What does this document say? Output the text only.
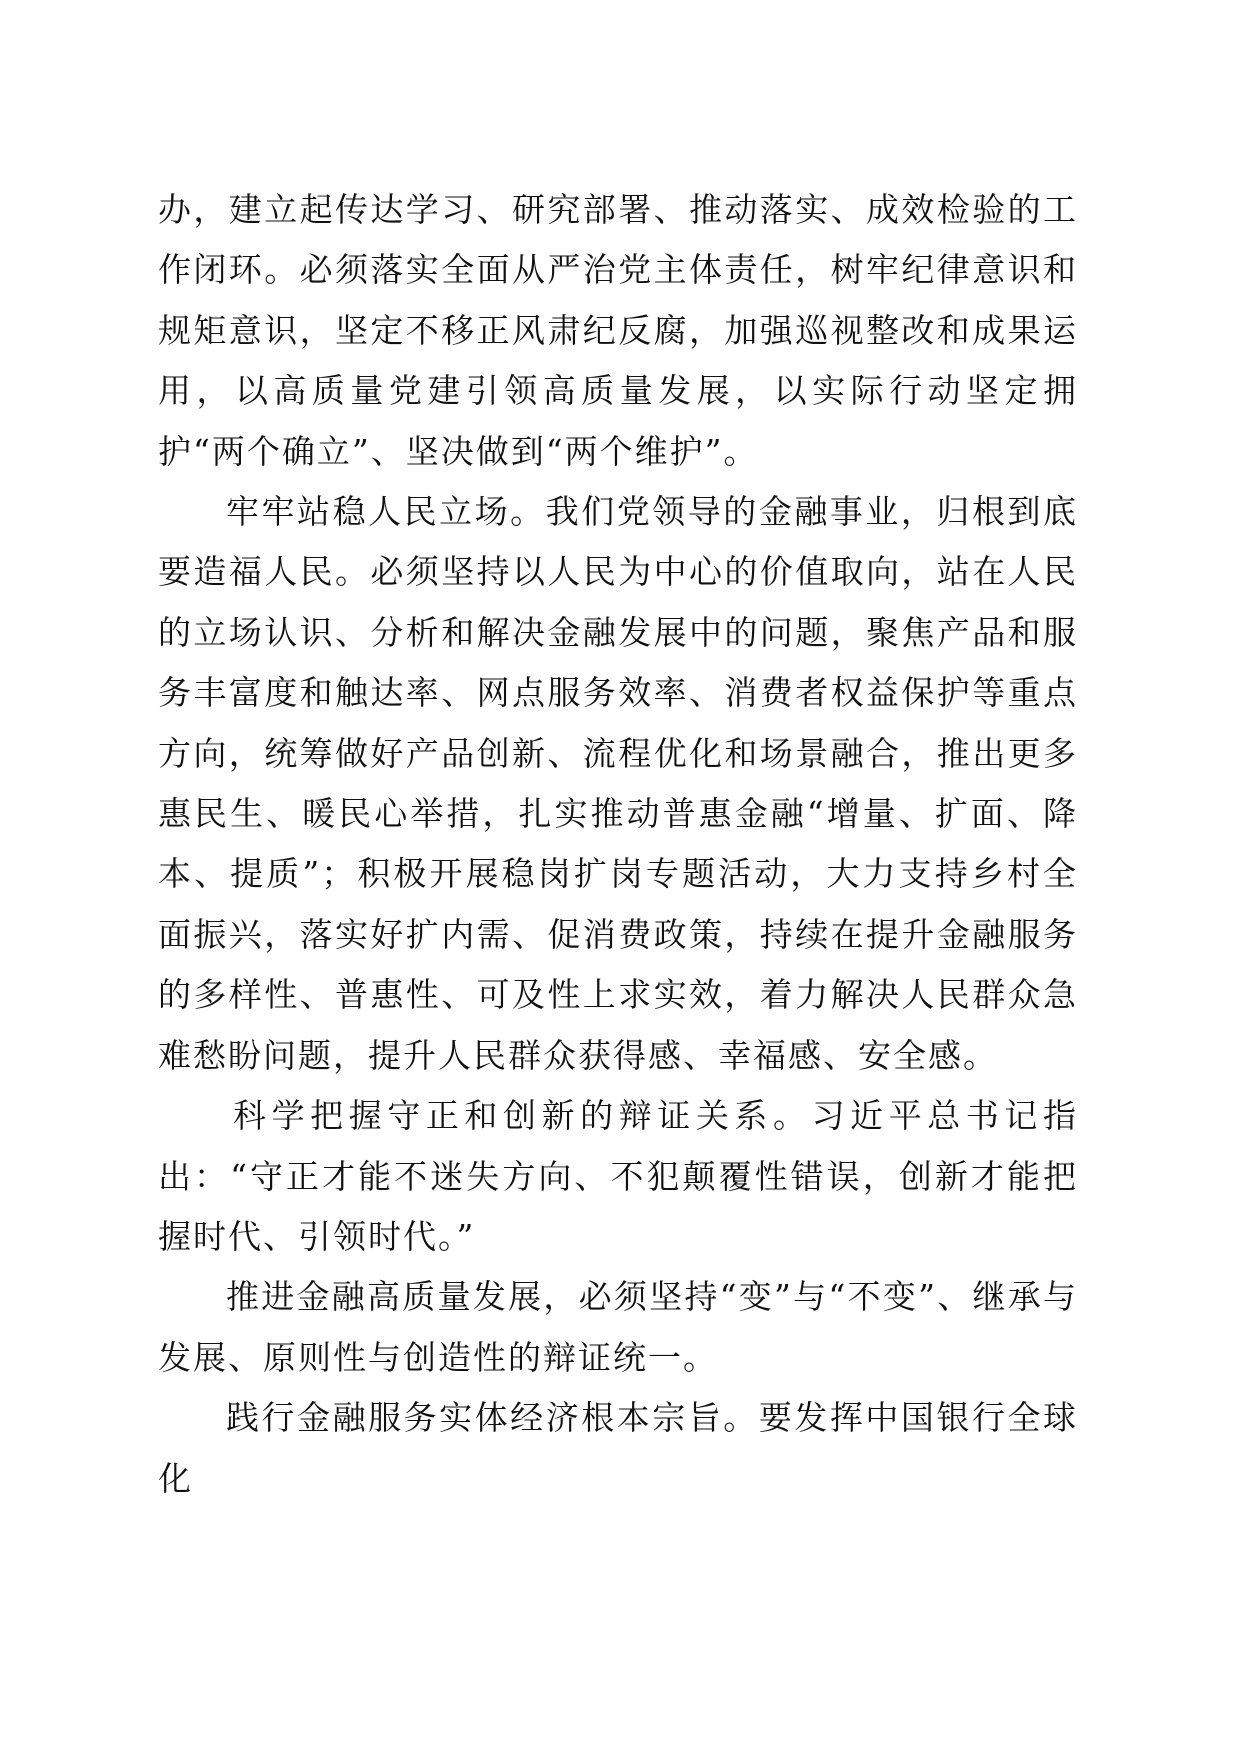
办，建立起传达学习、研究部署、推动落实、成效检验的工作闭环。必须落实全面从严治党主体责任，树牢纪律意识和规矩意识，坚定不移正风肃纪反腐，加强巡视整改和成果运用，以高质量党建引领高质量发展，以实际行动坚定拥护“两个确立”、坚决做到“两个维护”。

牢牢站稳人民立场。我们党领导的金融事业，归根到底要造福人民。必须坚持以人民为中心的价值取向，站在人民的立场认识、分析和解决金融发展中的问题，聚焦产品和服务丰富度和触达率、网点服务效率、消费者权益保护等重点方向，统筹做好产品创新、流程优化和场景融合，推出更多惠民生、暖民心举措，扎实推动普惠金融“增量、扩面、降本、提质”；积极开展稳岗扩岗专题活动，大力支持乡村全面振兴，落实好扩内需、促消费政策，持续在提升金融服务的多样性、普惠性、可及性上求实效，着力解决人民群众急难愁盼问题，提升人民群众获得感、幸福感、安全感。

科学把握守正和创新的辩证关系。习近平总书记指出：“守正才能不迷失方向、不犯颠覆性错误，创新才能把握时代、引领时代。”

推进金融高质量发展，必须坚持“变”与“不变”、继承与发展、原则性与创造性的辩证统一。

践行金融服务实体经济根本宗旨。要发挥中国银行全球化
